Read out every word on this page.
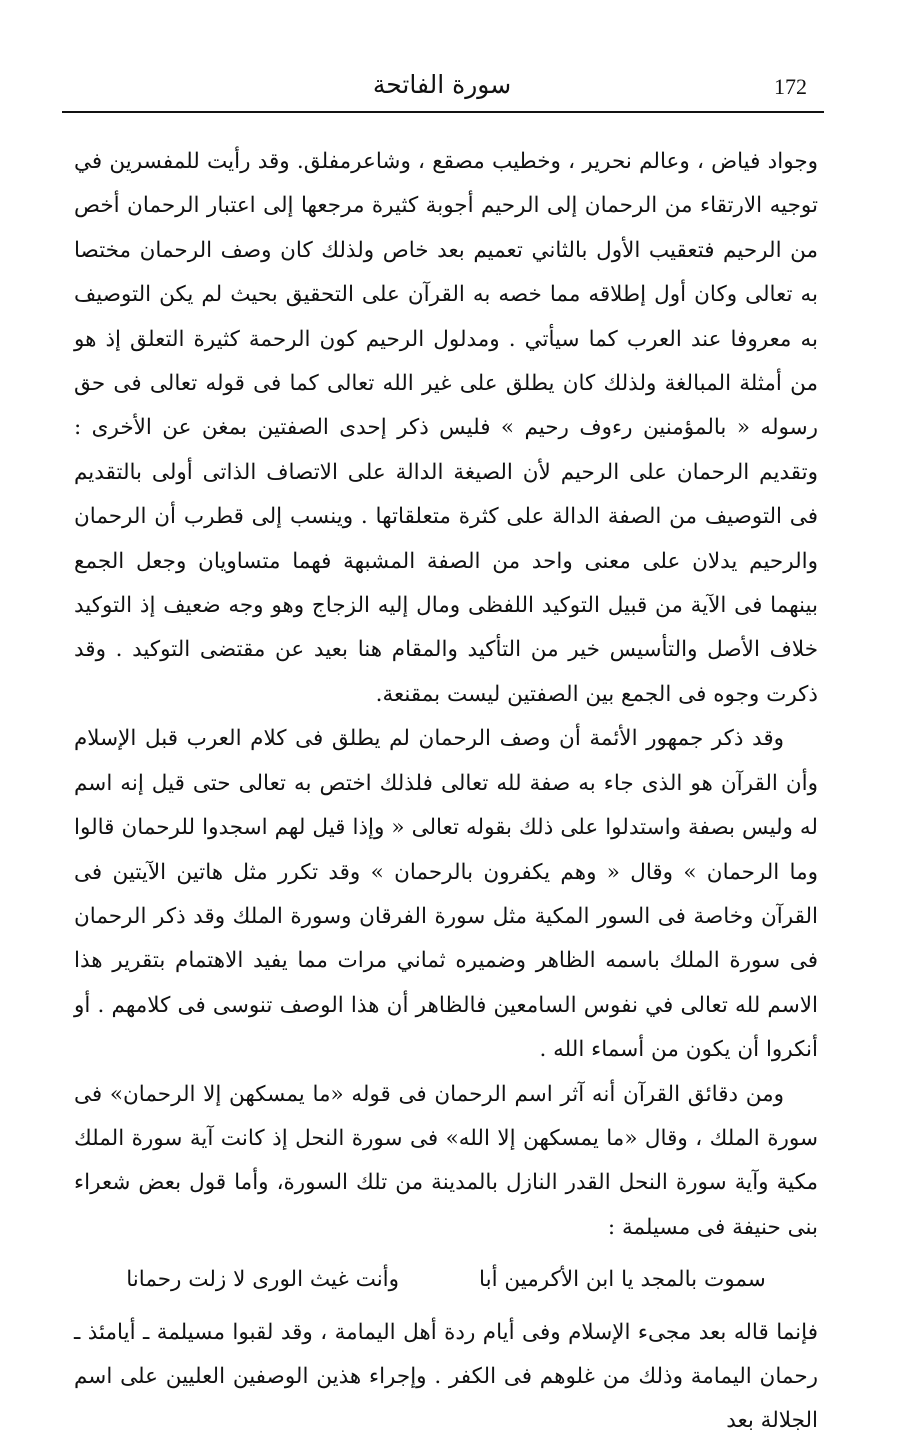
172
سورة الفاتحة

وجواد فياض ، وعالم نحرير ، وخطيب مصقع ، وشاعرمفلق. وقد رأيت للمفسرين في توجيه الارتقاء من الرحمان إلى الرحيم أجوبة كثيرة مرجعها إلى اعتبار الرحمان أخص من الرحيم فتعقيب الأول بالثاني تعميم بعد خاص ولذلك كان وصف الرحمان مختصا به تعالى وكان أول إطلاقه مما خصه به القرآن على التحقيق بحيث لم يكن التوصيف به معروفا عند العرب كما سيأتي . ومدلول الرحيم كون الرحمة كثيرة التعلق إذ هو من أمثلة المبالغة ولذلك كان يطلق على غير الله تعالى كما فى قوله تعالى فى حق رسوله « بالمؤمنين رءوف رحيم » فليس ذكر إحدى الصفتين بمغن عن الأخرى : وتقديم الرحمان على الرحيم لأن الصيغة الدالة على الاتصاف الذاتى أولى بالتقديم فى التوصيف من الصفة الدالة على كثرة متعلقاتها . وينسب إلى قطرب أن الرحمان والرحيم يدلان على معنى واحد من الصفة المشبهة فهما متساويان وجعل الجمع بينهما فى الآية من قبيل التوكيد اللفظى ومال إليه الزجاج وهو وجه ضعيف إذ التوكيد خلاف الأصل والتأسيس خير من التأكيد والمقام هنا بعيد عن مقتضى التوكيد . وقد ذكرت وجوه فى الجمع بين الصفتين ليست بمقنعة.

وقد ذكر جمهور الأئمة أن وصف الرحمان لم يطلق فى كلام العرب قبل الإسلام وأن القرآن هو الذى جاء به صفة لله تعالى فلذلك اختص به تعالى حتى قيل إنه اسم له وليس بصفة واستدلوا على ذلك بقوله تعالى « وإذا قيل لهم اسجدوا للرحمان قالوا وما الرحمان » وقال « وهم يكفرون بالرحمان » وقد تكرر مثل هاتين الآيتين فى القرآن وخاصة فى السور المكية مثل سورة الفرقان وسورة الملك وقد ذكر الرحمان فى سورة الملك باسمه الظاهر وضميره ثماني مرات مما يفيد الاهتمام بتقرير هذا الاسم لله تعالى في نفوس السامعين فالظاهر أن هذا الوصف تنوسى فى كلامهم . أو أنكروا أن يكون من أسماء الله .

ومن دقائق القرآن أنه آثر اسم الرحمان فى قوله «ما يمسكهن إلا الرحمان» فى سورة الملك ، وقال «ما يمسكهن إلا الله» فى سورة النحل إذ كانت آية سورة الملك مكية وآية سورة النحل القدر النازل بالمدينة من تلك السورة، وأما قول بعض شعراء بنى حنيفة فى مسيلمة :

سموت بالمجد يا ابن الأكرمين أبا
وأنت غيث الورى لا زلت رحمانا

فإنما قاله بعد مجىء الإسلام وفى أيام ردة أهل اليمامة ، وقد لقبوا مسيلمة ـ أيامئذ ـ رحمان اليمامة وذلك من غلوهم فى الكفر . وإجراء هذين الوصفين العليين على اسم الجلالة بعد
